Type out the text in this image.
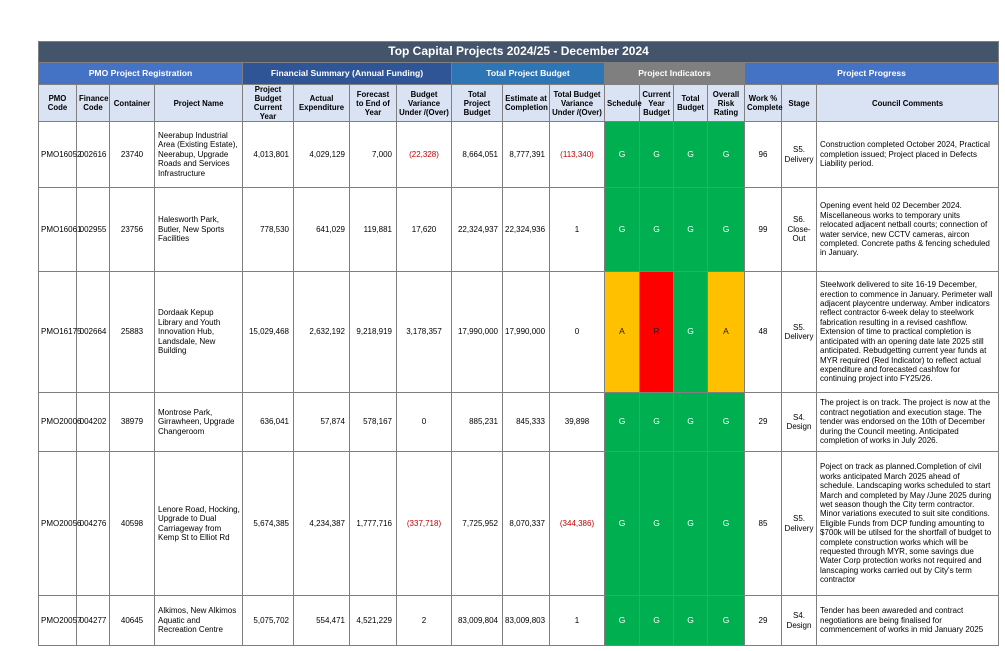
Top Capital Projects 2024/25 - December 2024																	
PMO Project Registration				Financial Summary (Annual Funding)				Total Project Budget			Project Indicators				Project Progress		
PMO Code	Finance Code	Container	Project Name	Project Budget Current Year	Actual Expenditure	Forecast to End of Year	Budget Variance Under /(Over)	Total Project Budget	Estimate at Completion	Total Budget Variance Under /(Over)	Schedule	Current Year Budget	Total Budget	Overall Risk Rating	Work % Complete	Stage	Council Comments
PMO16052	002616	23740	Neerabup Industrial Area (Existing Estate), Neerabup, Upgrade Roads and Services Infrastructure	4,013,801	4,029,129	7,000	(22,328)	8,664,051	8,777,391	(113,340)	G	G	G	G	96	S5. Delivery	Construction completed October 2024, Practical completion issued; Project placed in Defects Liability period.
PMO16061	002955	23756	Halesworth Park, Butler, New Sports Facilities	778,530	641,029	119,881	17,620	22,324,937	22,324,936	1	G	G	G	G	99	S6. Close-Out	Opening event held 02 December 2024. Miscellaneous works to temporary units relocated adjacent netball courts; connection of water service, new CCTV cameras, aircon completed. Concrete paths & fencing scheduled in January.
PMO16175	002664	25883	Dordaak Kepup Library and Youth Innovation Hub, Landsdale, New Building	15,029,468	2,632,192	9,218,919	3,178,357	17,990,000	17,990,000	0	A	R	G	A	48	S5. Delivery	Steelwork delivered to site 16-19 December, erection to commence in January. Perimeter wall adjacent playcentre underway. Amber indicators reflect contractor 6-week delay to steelwork fabrication resulting in a revised cashflow. Extension of time to practical completion is anticipated with an opening date late 2025 still anticipated. Rebudgetting current year funds at MYR required (Red Indicator) to reflect actual expenditure and forecasted cashfow for continuing project into FY25/26.
PMO20006	004202	38979	Montrose Park, Girrawheen, Upgrade Changeroom	636,041	57,874	578,167	0	885,231	845,333	39,898	G	G	G	G	29	S4. Design	The project is on track. The project is now at the contract negotiation and execution stage. The tender was endorsed on the 10th of December during the Council meeting. Anticipated completion of works in July 2026.
PMO20056	004276	40598	Lenore Road, Hocking, Upgrade to Dual Carriageway from Kemp St to Elliot Rd	5,674,385	4,234,387	1,777,716	(337,718)	7,725,952	8,070,337	(344,386)	G	G	G	G	85	S5. Delivery	Poject on track as planned.Completion of civil works anticipated March 2025 ahead of schedule. Landscaping works scheduled to start March and completed by May /June 2025 during wet season though the City term contractor. Minor variations executed to suit site conditions. Eligible Funds from DCP funding amounting to $700k will be utilsed for the shortfall of budget to complete construction works which will be requested through MYR, some savings due Water Corp protection works not required and lanscaping works carried out by City's term contractor
PMO20057	004277	40645	Alkimos, New Alkimos Aquatic and Recreation Centre	5,075,702	554,471	4,521,229	2	83,009,804	83,009,803	1	G	G	G	G	29	S4. Design	Tender has been awareded and contract negotiations are being finalised for commencement of works in mid January 2025
